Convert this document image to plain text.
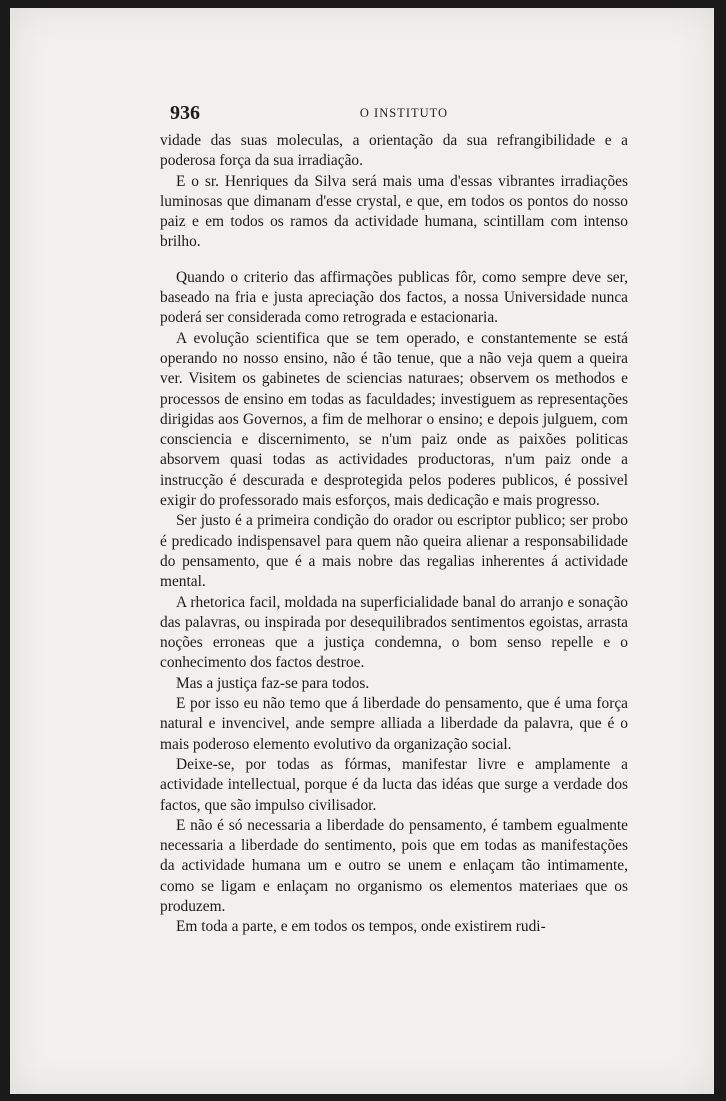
936	O INSTITUTO

vidade das suas moleculas, a orientação da sua refrangibilidade e a poderosa força da sua irradiação.

E o sr. Henriques da Silva será mais uma d'essas vibrantes irradiações luminosas que dimanam d'esse crystal, e que, em todos os pontos do nosso paiz e em todos os ramos da actividade humana, scintillam com intenso brilho.

Quando o criterio das affirmações publicas fôr, como sempre deve ser, baseado na fria e justa apreciação dos factos, a nossa Universidade nunca poderá ser considerada como retrograda e estacionaria.

A evolução scientifica que se tem operado, e constantemente se está operando no nosso ensino, não é tão tenue, que a não veja quem a queira ver. Visitem os gabinetes de sciencias naturaes; observem os methodos e processos de ensino em todas as faculdades; investiguem as representações dirigidas aos Governos, a fim de melhorar o ensino; e depois julguem, com consciencia e discernimento, se n'um paiz onde as paixões politicas absorvem quasi todas as actividades productoras, n'um paiz onde a instrucção é descurada e desprotegida pelos poderes publicos, é possivel exigir do professorado mais esforços, mais dedicação e mais progresso.

Ser justo é a primeira condição do orador ou escriptor publico; ser probo é predicado indispensavel para quem não queira alienar a responsabilidade do pensamento, que é a mais nobre das regalias inherentes á actividade mental.

A rhetorica facil, moldada na superficialidade banal do arranjo e sonação das palavras, ou inspirada por desequilibrados sentimentos egoistas, arrasta noções erroneas que a justiça condemna, o bom senso repelle e o conhecimento dos factos destroe.

Mas a justiça faz-se para todos.

E por isso eu não temo que á liberdade do pensamento, que é uma força natural e invencivel, ande sempre alliada a liberdade da palavra, que é o mais poderoso elemento evolutivo da organização social.

Deixe-se, por todas as fórmas, manifestar livre e amplamente a actividade intellectual, porque é da lucta das idéas que surge a verdade dos factos, que são impulso civilisador.

E não é só necessaria a liberdade do pensamento, é tambem egualmente necessaria a liberdade do sentimento, pois que em todas as manifestações da actividade humana um e outro se unem e enlaçam tão intimamente, como se ligam e enlaçam no organismo os elementos materiaes que os produzem.

Em toda a parte, e em todos os tempos, onde existirem rudi-
